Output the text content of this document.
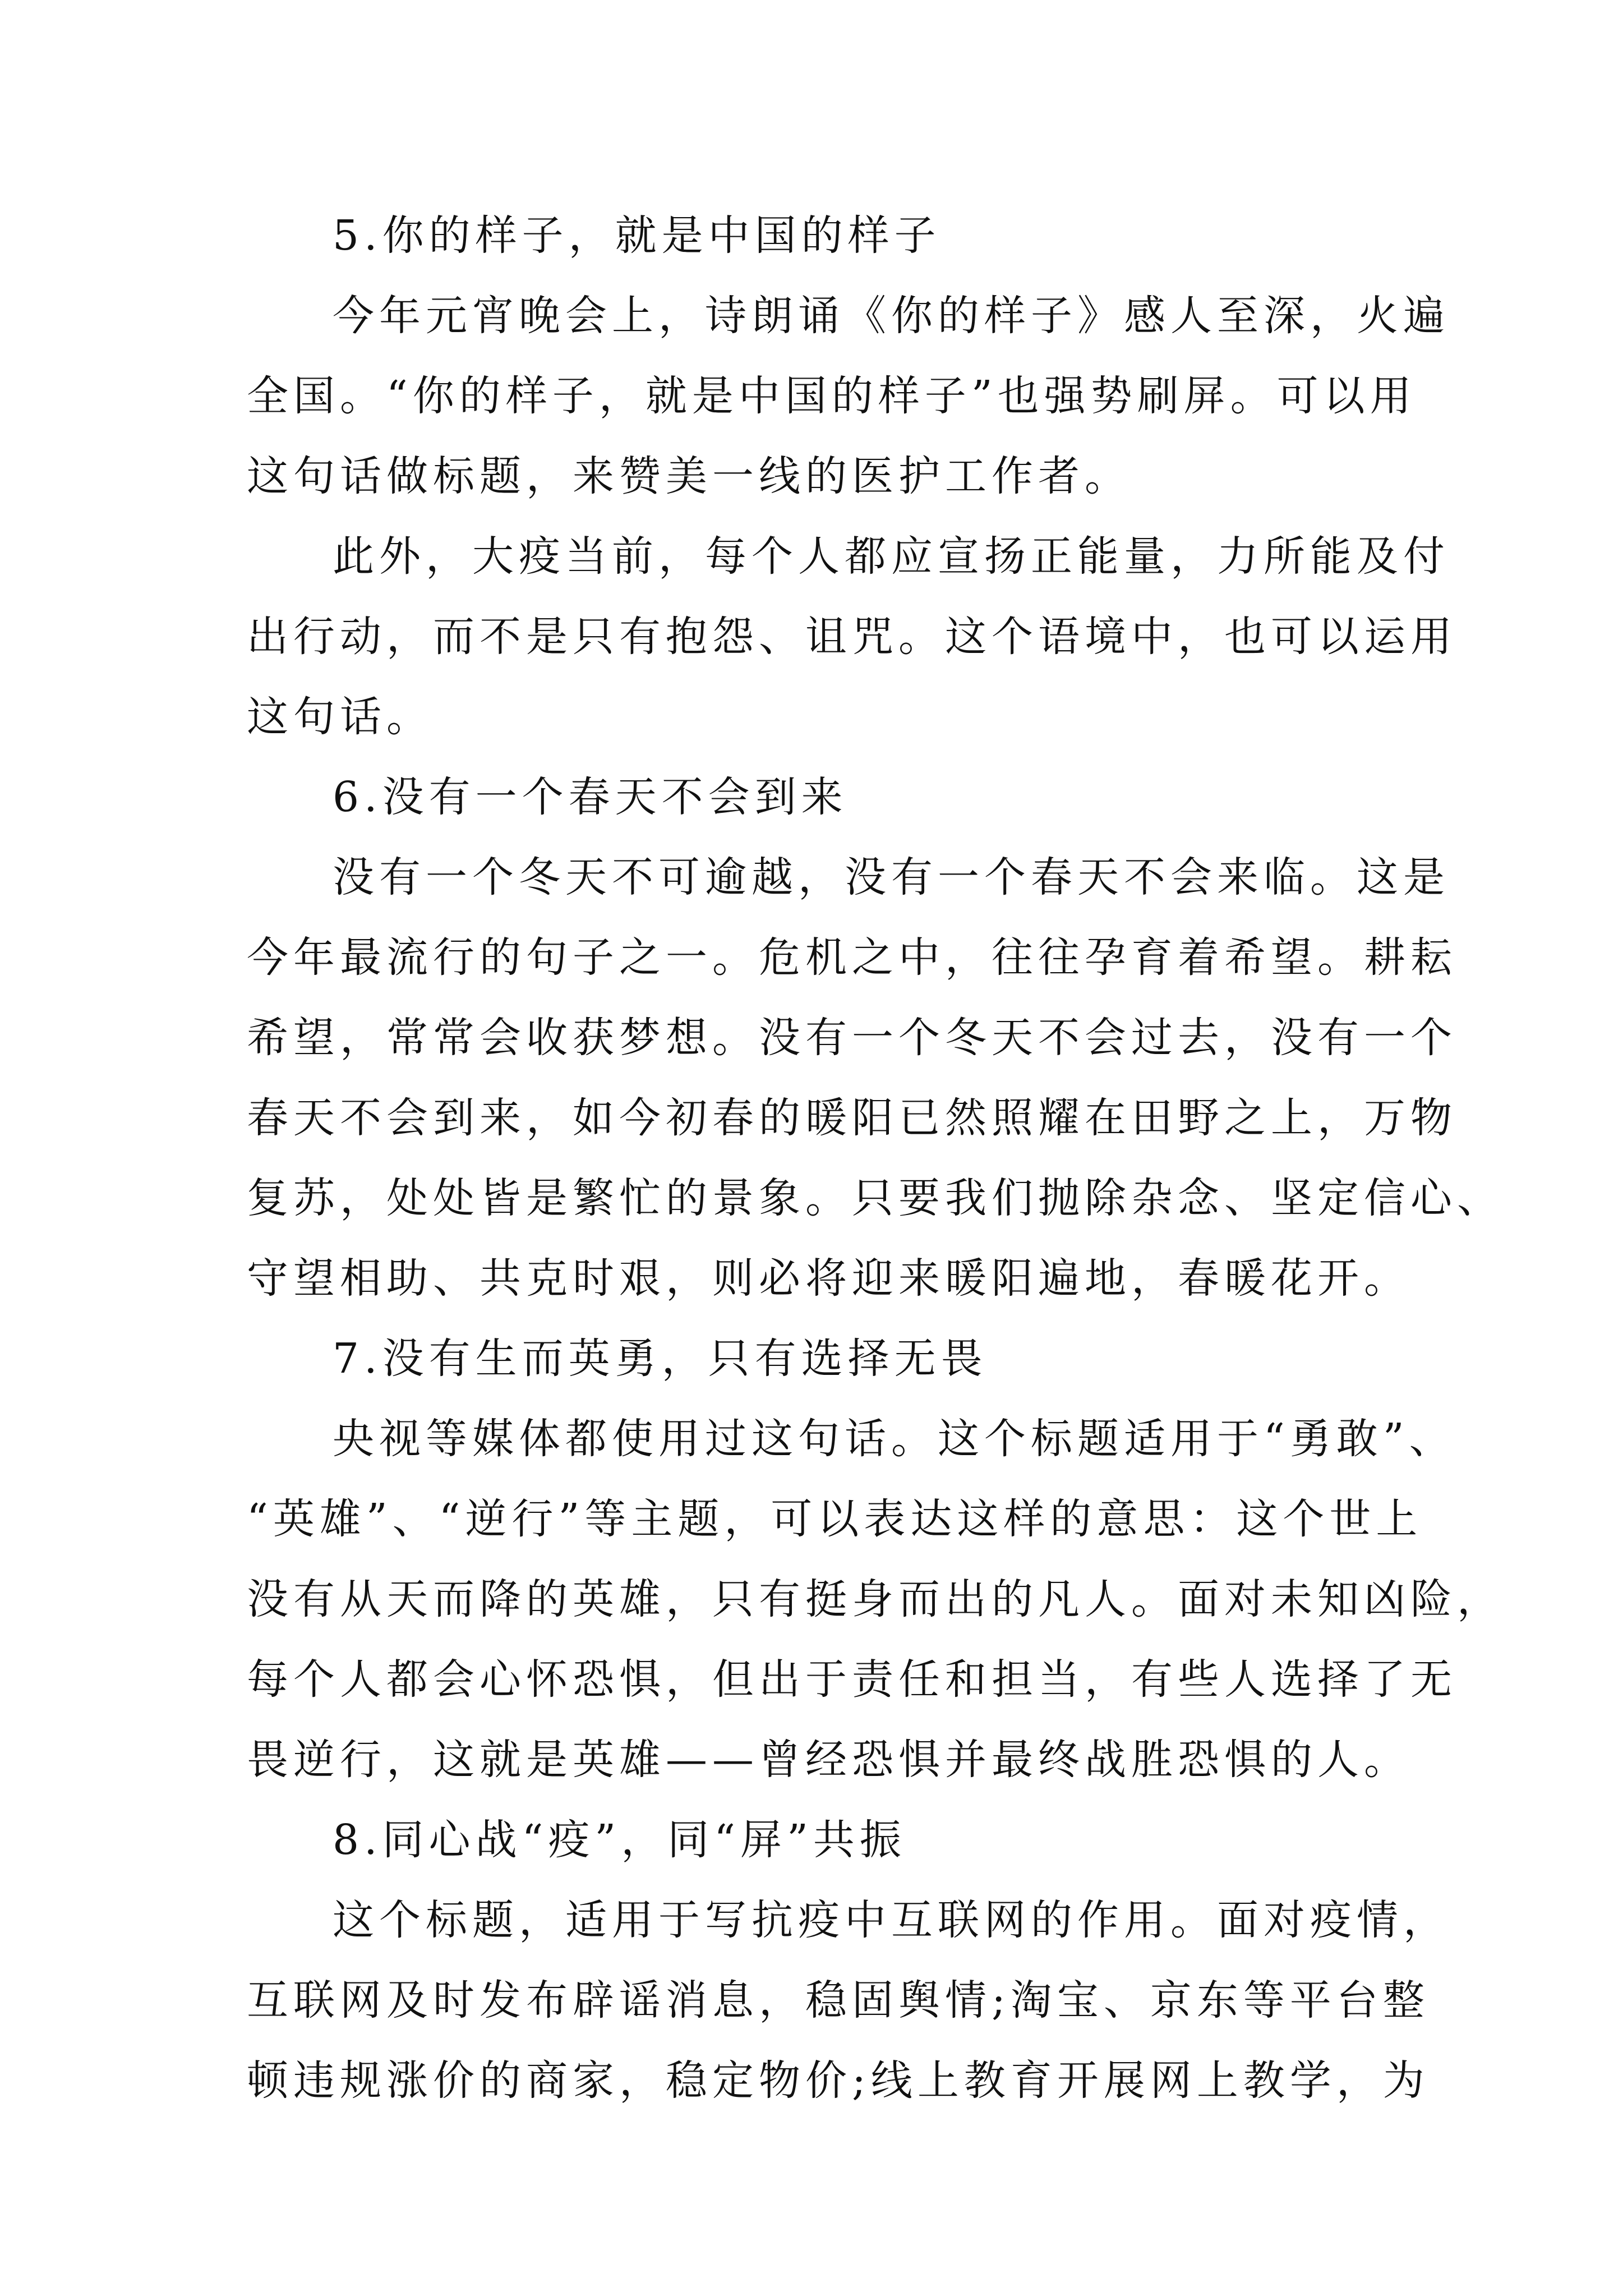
5.你的样子，就是中国的样子
今年元宵晚会上，诗朗诵《你的样子》感人至深，火遍
全国。“你的样子，就是中国的样子”也强势刷屏。可以用
这句话做标题，来赞美一线的医护工作者。
此外，大疫当前，每个人都应宣扬正能量，力所能及付
出行动，而不是只有抱怨、诅咒。这个语境中，也可以运用
这句话。
6.没有一个春天不会到来
没有一个冬天不可逾越，没有一个春天不会来临。这是
今年最流行的句子之一。危机之中，往往孕育着希望。耕耘
希望，常常会收获梦想。没有一个冬天不会过去，没有一个
春天不会到来，如今初春的暖阳已然照耀在田野之上，万物
复苏，处处皆是繁忙的景象。只要我们抛除杂念、坚定信心、
守望相助、共克时艰，则必将迎来暖阳遍地，春暖花开。
7.没有生而英勇，只有选择无畏
央视等媒体都使用过这句话。这个标题适用于“勇敢”、
“英雄”、“逆行”等主题，可以表达这样的意思：这个世上
没有从天而降的英雄，只有挺身而出的凡人。面对未知凶险，
每个人都会心怀恐惧，但出于责任和担当，有些人选择了无
畏逆行，这就是英雄——曾经恐惧并最终战胜恐惧的人。
8.同心战“疫”，同“屏”共振
这个标题，适用于写抗疫中互联网的作用。面对疫情，
互联网及时发布辟谣消息，稳固舆情;淘宝、京东等平台整
顿违规涨价的商家，稳定物价;线上教育开展网上教学，为
